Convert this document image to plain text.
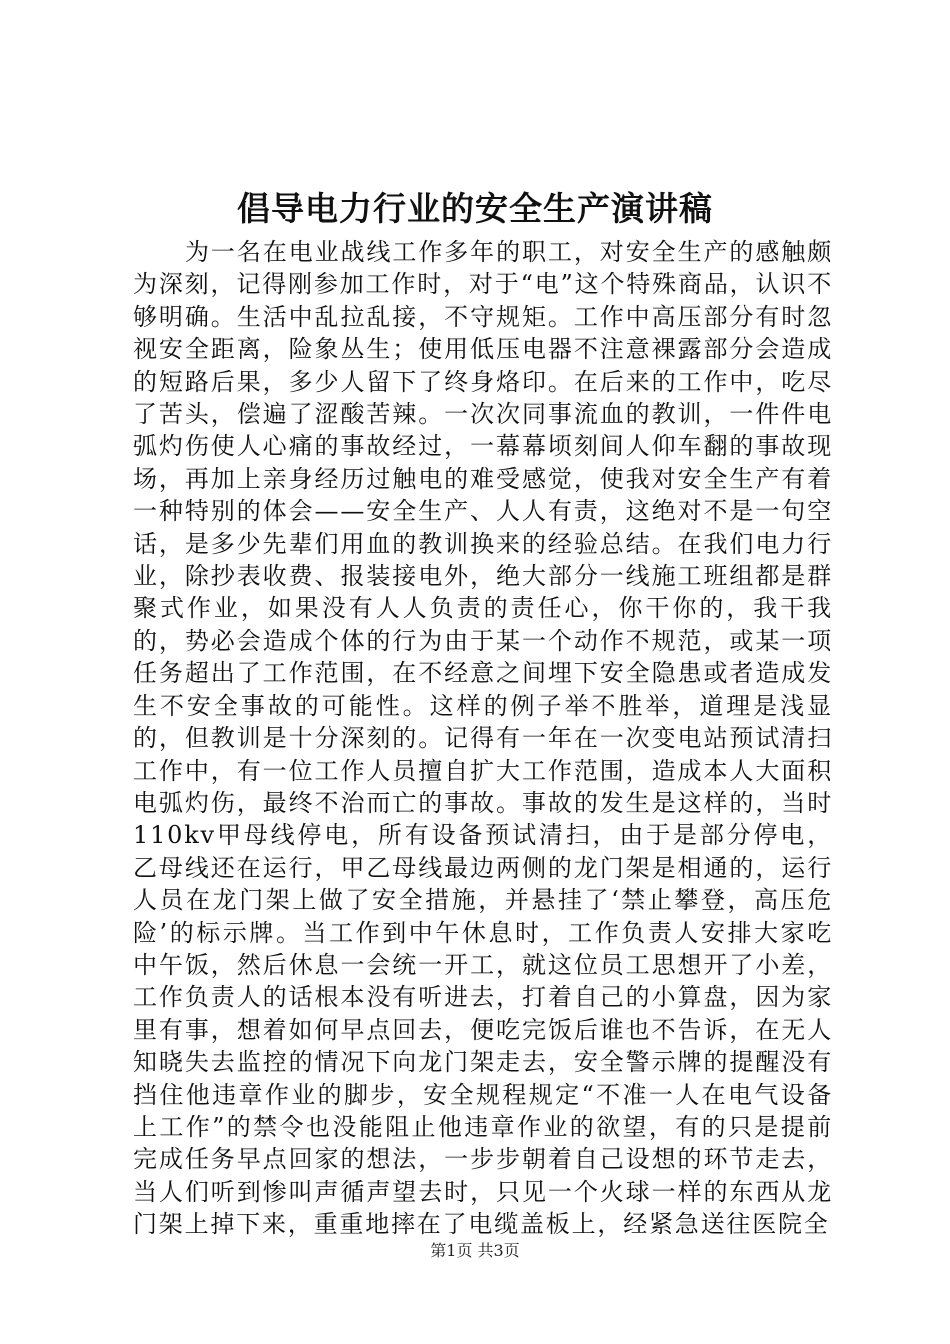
倡导电力行业的安全生产演讲稿

为一名在电业战线工作多年的职工，对安全生产的感触颇为深刻，记得刚参加工作时，对于“电”这个特殊商品，认识不够明确。生活中乱拉乱接，不守规矩。工作中高压部分有时忽视安全距离，险象丛生；使用低压电器不注意裸露部分会造成的短路后果，多少人留下了终身烙印。在后来的工作中，吃尽了苦头，偿遍了涩酸苦辣。一次次同事流血的教训，一件件电弧灼伤使人心痛的事故经过，一幕幕顷刻间人仰车翻的事故现场，再加上亲身经历过触电的难受感觉，使我对安全生产有着一种特别的体会——安全生产、人人有责，这绝对不是一句空话，是多少先辈们用血的教训换来的经验总结。在我们电力行业，除抄表收费、报装接电外，绝大部分一线施工班组都是群聚式作业，如果没有人人负责的责任心，你干你的，我干我的，势必会造成个体的行为由于某一个动作不规范，或某一项任务超出了工作范围，在不经意之间埋下安全隐患或者造成发生不安全事故的可能性。这样的例子举不胜举，道理是浅显的，但教训是十分深刻的。记得有一年在一次变电站预试清扫工作中，有一位工作人员擅自扩大工作范围，造成本人大面积电弧灼伤，最终不治而亡的事故。事故的发生是这样的，当时110kv甲母线停电，所有设备预试清扫，由于是部分停电，乙母线还在运行，甲乙母线最边两侧的龙门架是相通的，运行人员在龙门架上做了安全措施，并悬挂了‘禁止攀登，高压危险’的标示牌。当工作到中午休息时，工作负责人安排大家吃中午饭，然后休息一会统一开工，就这位员工思想开了小差，工作负责人的话根本没有听进去，打着自己的小算盘，因为家里有事，想着如何早点回去，便吃完饭后谁也不告诉，在无人知晓失去监控的情况下向龙门架走去，安全警示牌的提醒没有挡住他违章作业的脚步，安全规程规定“不准一人在电气设备上工作”的禁令也没能阻止他违章作业的欲望，有的只是提前完成任务早点回家的想法，一步步朝着自己设想的环节走去，当人们听到惨叫声循声望去时，只见一个火球一样的东西从龙门架上掉下来，重重地摔在了电缆盖板上，经紧急送往医院全

第1页 共3页
